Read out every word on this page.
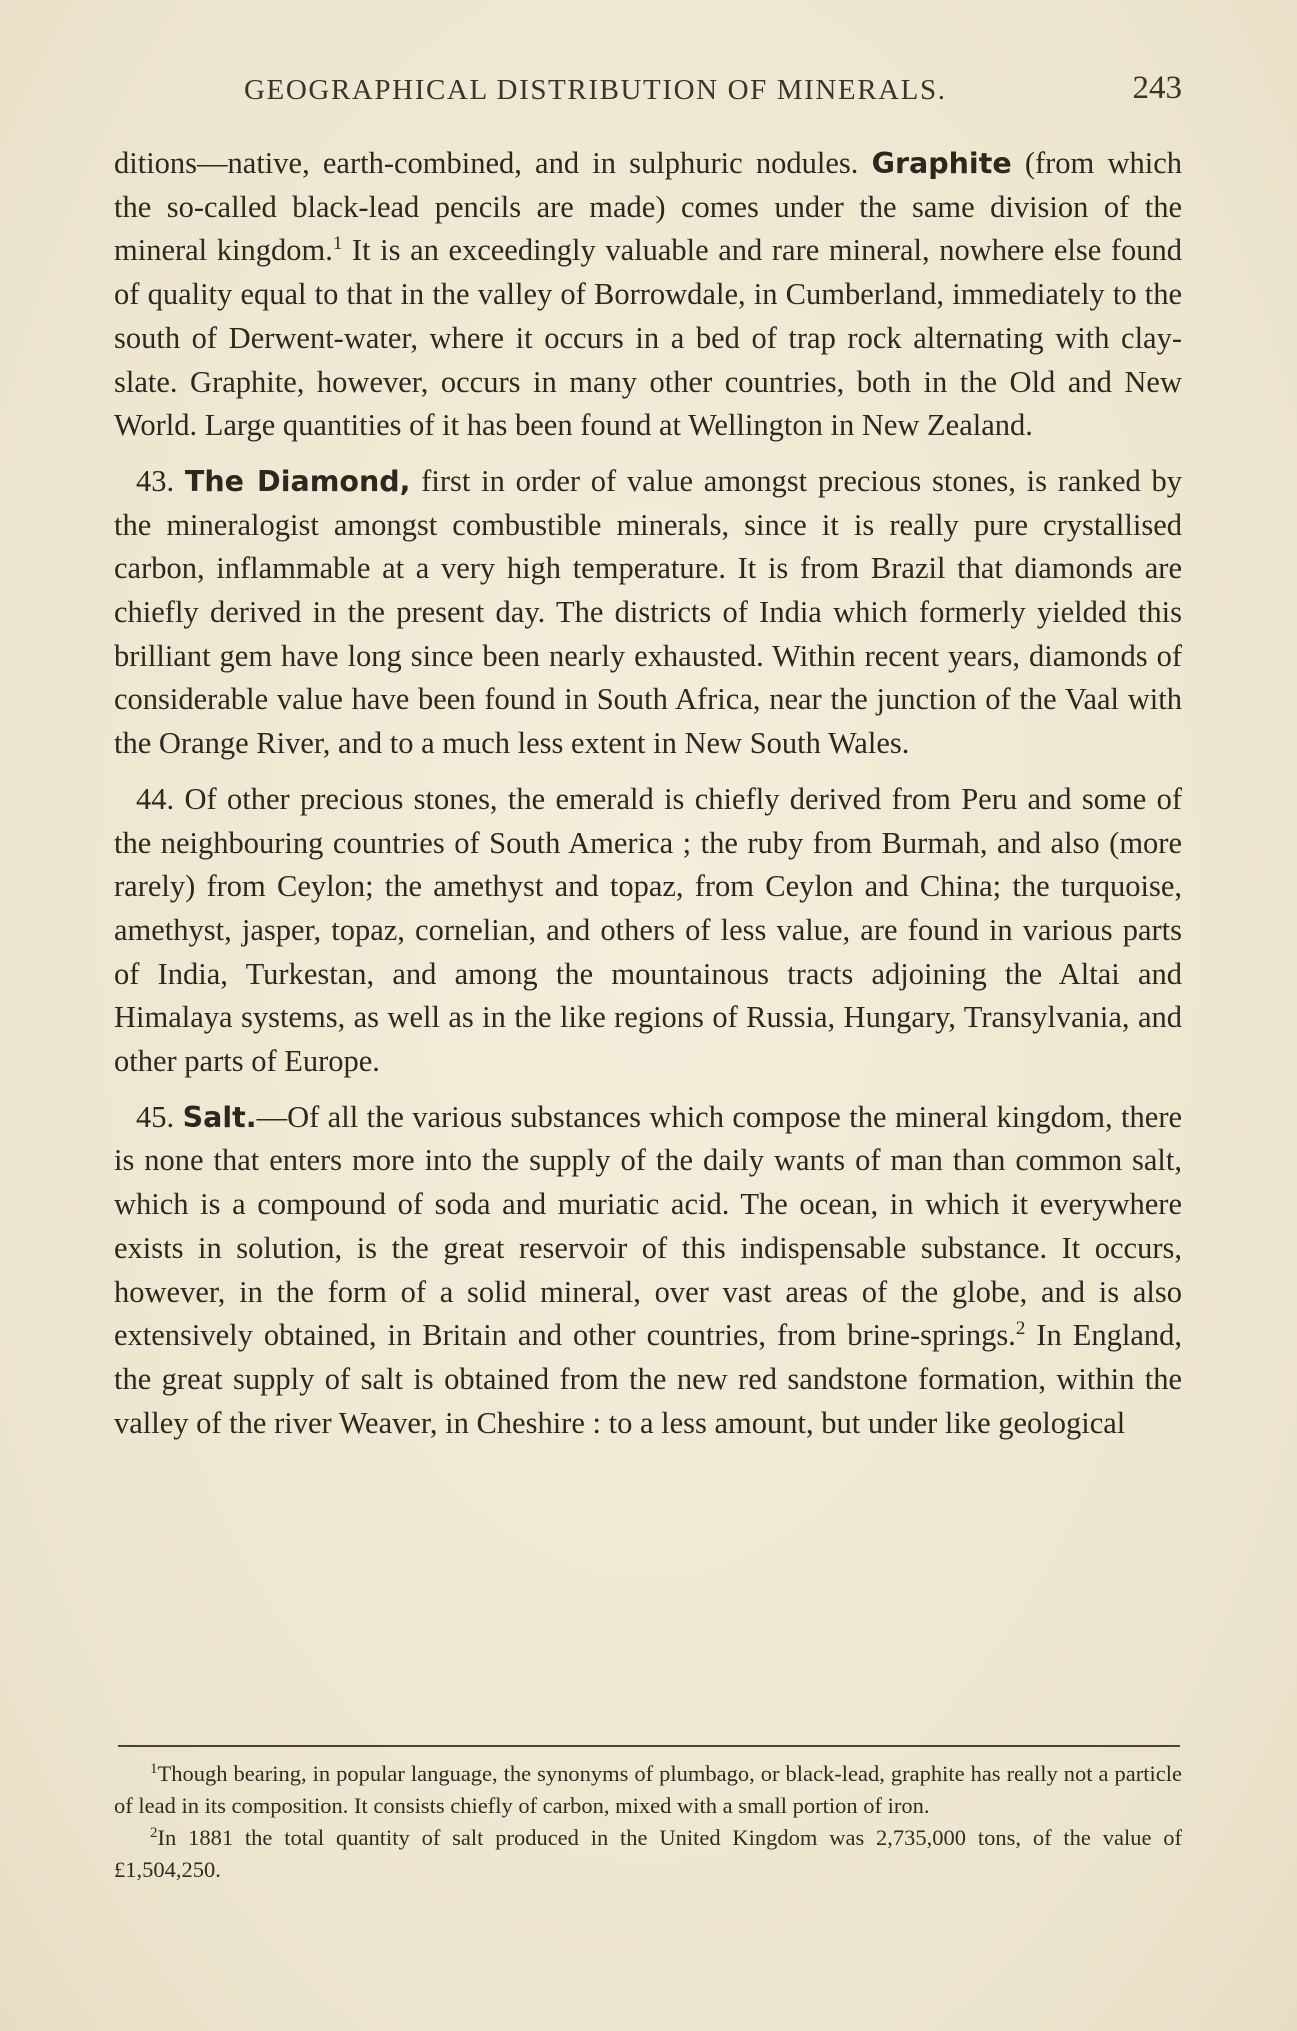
GEOGRAPHICAL DISTRIBUTION OF MINERALS.	243

ditions—native, earth-combined, and in sulphuric nodules. Graphite (from which the so-called black-lead pencils are made) comes under the same division of the mineral kingdom.$^1$ It is an exceedingly valuable and rare mineral, nowhere else found of quality equal to that in the valley of Borrowdale, in Cumberland, immediately to the south of Derwent-water, where it occurs in a bed of trap rock alternating with clay-slate. Graphite, however, occurs in many other countries, both in the Old and New World. Large quantities of it has been found at Wellington in New Zealand.

43. The Diamond, first in order of value amongst precious stones, is ranked by the mineralogist amongst combustible minerals, since it is really pure crystallised carbon, inflammable at a very high temperature. It is from Brazil that diamonds are chiefly derived in the present day. The districts of India which formerly yielded this brilliant gem have long since been nearly exhausted. Within recent years, diamonds of considerable value have been found in South Africa, near the junction of the Vaal with the Orange River, and to a much less extent in New South Wales.

44. Of other precious stones, the emerald is chiefly derived from Peru and some of the neighbouring countries of South America ; the ruby from Burmah, and also (more rarely) from Ceylon; the amethyst and topaz, from Ceylon and China; the turquoise, amethyst, jasper, topaz, cornelian, and others of less value, are found in various parts of India, Turkestan, and among the mountainous tracts adjoining the Altai and Himalaya systems, as well as in the like regions of Russia, Hungary, Transylvania, and other parts of Europe.

45. Salt.—Of all the various substances which compose the mineral kingdom, there is none that enters more into the supply of the daily wants of man than common salt, which is a compound of soda and muriatic acid. The ocean, in which it everywhere exists in solution, is the great reservoir of this indispensable substance. It occurs, however, in the form of a solid mineral, over vast areas of the globe, and is also extensively obtained, in Britain and other countries, from brine-springs.$^2$ In England, the great supply of salt is obtained from the new red sandstone formation, within the valley of the river Weaver, in Cheshire : to a less amount, but under like geological

$^1$Though bearing, in popular language, the synonyms of plumbago, or black-lead, graphite has really not a particle of lead in its composition. It consists chiefly of carbon, mixed with a small portion of iron.

$^2$In 1881 the total quantity of salt produced in the United Kingdom was 2,735,000 tons, of the value of £1,504,250.
